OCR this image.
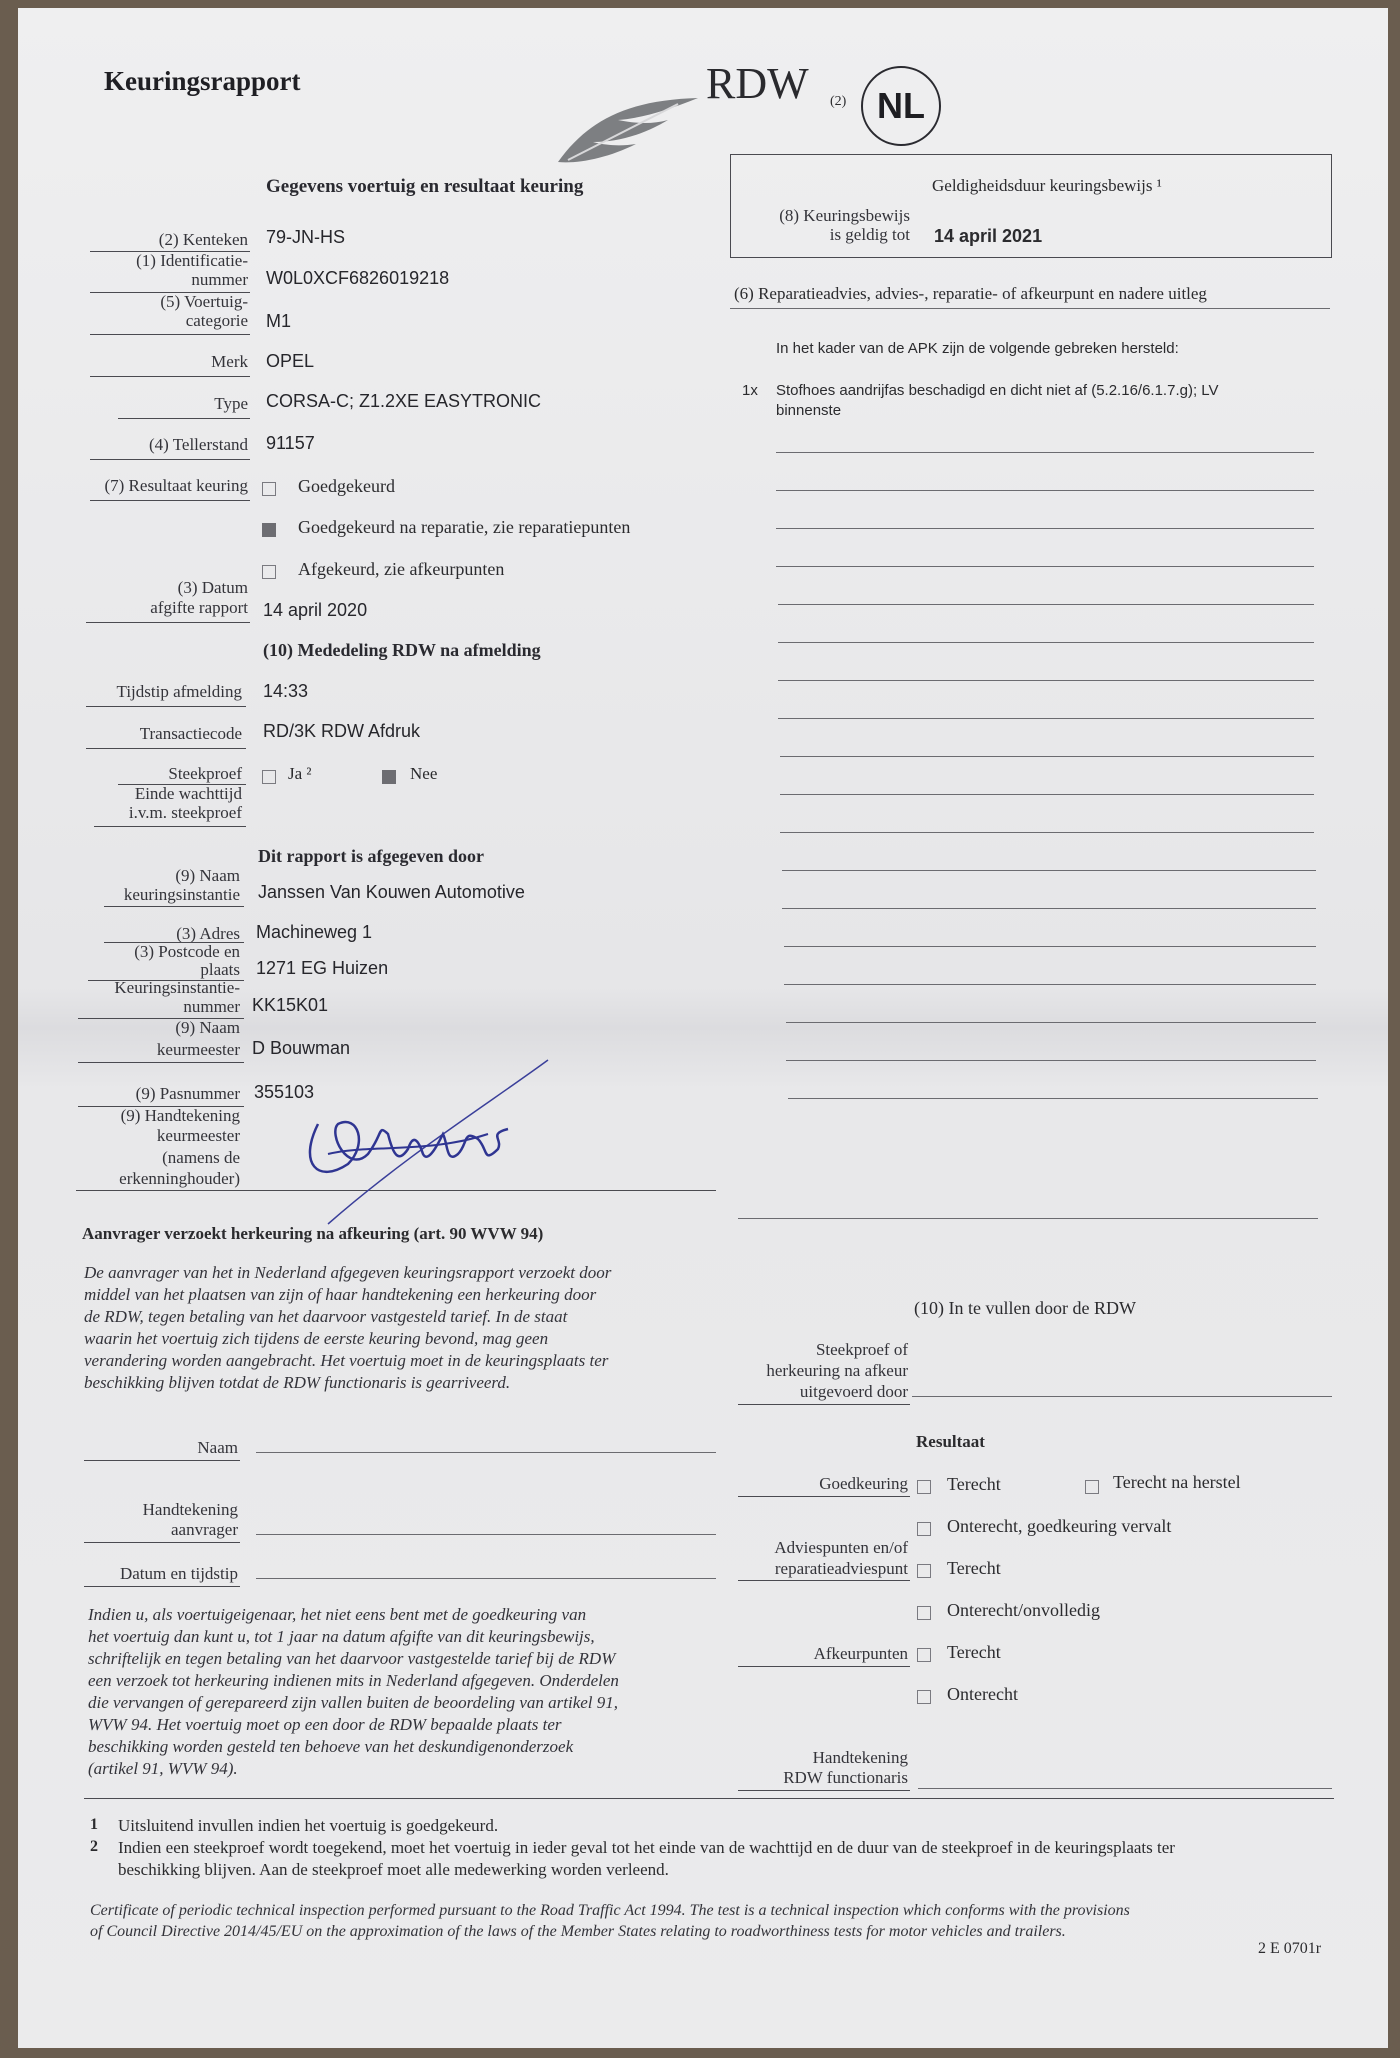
Keuringsrapport	RDW (2) NL
Gegevens voertuig en resultaat keuring
(2) Kenteken 79-JN-HS
(1) Identificatie-
nummer W0L0XCF6826019218
(5) Voertuig-
categorie M1
Merk OPEL
Type CORSA-C; Z1.2XE EASYTRONIC
(4) Tellerstand 91157
(7) Resultaat keuring	Goedgekeurd
Goedgekeurd na reparatie, zie reparatiepunten
Afgekeurd, zie afkeurpunten
(3) Datum
afgifte rapport 14 april 2020
(10) Mededeling RDW na afmelding
Tijdstip afmelding 14:33
Transactiecode RD/3K RDW Afdruk
Steekproef	Ja ²	Nee
Einde wachttijd
i.v.m. steekproef
Dit rapport is afgegeven door
(9) Naam
keuringsinstantie Janssen Van Kouwen Automotive
(3) Adres Machineweg 1
(3) Postcode en
plaats 1271 EG Huizen
Keuringsinstantie-
nummer KK15K01
(9) Naam
keurmeester D Bouwman
(9) Pasnummer 355103
(9) Handtekening
keurmeester
(namens de
erkenninghouder)
Geldigheidsduur keuringsbewijs ¹
(8) Keuringsbewijs
is geldig tot 14 april 2021
(6) Reparatieadvies, advies-, reparatie- of afkeurpunt en nadere uitleg
In het kader van de APK zijn de volgende gebreken hersteld:
1x Stofhoes aandrijfas beschadigd en dicht niet af (5.2.16/6.1.7.g); LV
binnenste
Aanvrager verzoekt herkeuring na afkeuring (art. 90 WVW 94)
De aanvrager van het in Nederland afgegeven keuringsrapport verzoekt door
middel van het plaatsen van zijn of haar handtekening een herkeuring door
de RDW, tegen betaling van het daarvoor vastgesteld tarief. In de staat
waarin het voertuig zich tijdens de eerste keuring bevond, mag geen
verandering worden aangebracht. Het voertuig moet in de keuringsplaats ter
beschikking blijven totdat de RDW functionaris is gearriveerd.
Naam
Handtekening
aanvrager
Datum en tijdstip
Indien u, als voertuigeigenaar, het niet eens bent met de goedkeuring van
het voertuig dan kunt u, tot 1 jaar na datum afgifte van dit keuringsbewijs,
schriftelijk en tegen betaling van het daarvoor vastgestelde tarief bij de RDW
een verzoek tot herkeuring indienen mits in Nederland afgegeven. Onderdelen
die vervangen of gerepareerd zijn vallen buiten de beoordeling van artikel 91,
WVW 94. Het voertuig moet op een door de RDW bepaalde plaats ter
beschikking worden gesteld ten behoeve van het deskundigenonderzoek
(artikel 91, WVW 94).
(10) In te vullen door de RDW
Steekproef of
herkeuring na afkeur
uitgevoerd door
Resultaat
Goedkeuring Terecht	Terecht na herstel
Onterecht, goedkeuring vervalt
Adviespunten en/of
reparatieadviespunt Terecht
Onterecht/onvolledig
Afkeurpunten Terecht
Onterecht
Handtekening
RDW functionaris
1 Uitsluitend invullen indien het voertuig is goedgekeurd.
2 Indien een steekproef wordt toegekend, moet het voertuig in ieder geval tot het einde van de wachttijd en de duur van de steekproef in de keuringsplaats ter
beschikking blijven. Aan de steekproef moet alle medewerking worden verleend.
Certificate of periodic technical inspection performed pursuant to the Road Traffic Act 1994. The test is a technical inspection which conforms with the provisions
of Council Directive 2014/45/EU on the approximation of the laws of the Member States relating to roadworthiness tests for motor vehicles and trailers.
2 E 0701r
